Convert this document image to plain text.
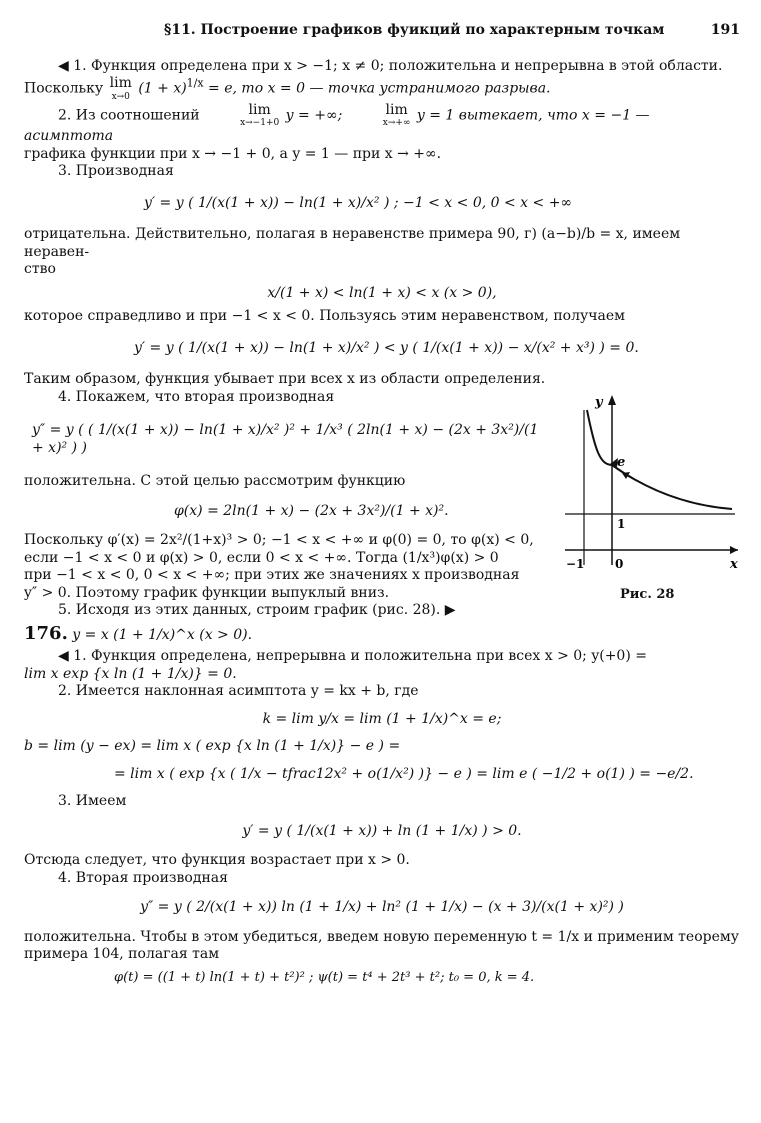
§11. Построение графиков фуикций по характерным точкам	191

◀ 1. Функция определена при x > −1; x ≠ 0; положительна и непрерывна в этой области.

Поскольку lim
x→0
$(1 + x)^{1/x} = e$, то x = 0 — точка устранимого разрыва.

2. Из соотношений	lim
x→−1+0
y = +∞;	lim
x→+∞
y = 1 вытекает, что x = −1 — асимптота

графика функции при x → −1 + 0, а y = 1 — при x → +∞.

3. Производная

y′ = y ( 1/(x(1 + x)) − ln(1 + x)/x² ) ; −1 < x < 0, 0 < x < +∞

отрицательна. Действительно, полагая в неравенстве примера 90, г) (a−b)/b = x, имеем неравен-

ство

x/(1 + x) < ln(1 + x) < x (x > 0),

которое справедливо и при −1 < x < 0. Пользуясь этим неравенством, получаем

y′ = y ( 1/(x(1 + x)) − ln(1 + x)/x² ) < y ( 1/(x(1 + x)) − x/(x² + x³) ) = 0.

Таким образом, функция убывает при всех x из области определения.

4. Покажем, что вторая производная

y″ = y ( ( 1/(x(1 + x)) − ln(1 + x)/x² )² + 1/x³ ( 2ln(1 + x) − (2x + 3x²)/(1 + x)² ) )

положительна. С этой целью рассмотрим функцию

φ(x) = 2ln(1 + x) − (2x + 3x²)/(1 + x)².

Поскольку φ′(x) = 2x²/(1+x)³ > 0; −1 < x < +∞ и φ(0) = 0, то φ(x) < 0,

если −1 < x < 0 и φ(x) > 0, если 0 < x < +∞. Тогда (1/x³)φ(x) > 0

при −1 < x < 0, 0 < x < +∞; при этих же значениях x производная

y″ > 0. Поэтому график функции выпуклый вниз.

5. Исходя из этих данных, строим график (рис. 28). ▶

176. y = x (1 + 1/x)^x (x > 0).

◀ 1. Функция определена, непрерывна и положительна при всех x > 0; y(+0) =

lim x exp {x ln (1 + 1/x)} = 0.

2. Имеется наклонная асимптота y = kx + b, где

k = lim y/x = lim (1 + 1/x)^x = e;

b = lim (y − ex) = lim x ( exp {x ln (1 + 1/x)} − e ) =

= lim x ( exp {x ( 1/x − tfrac12x² + o(1/x²) )} − e ) = lim e ( −1/2 + o(1) ) = −e/2.

3. Имеем

y′ = y ( 1/(x(1 + x)) + ln (1 + 1/x) ) > 0.

Отсюда следует, что функция возрастает при x > 0.

4. Вторая производная

y″ = y ( 2/(x(1 + x)) ln (1 + 1/x) + ln² (1 + 1/x) − (x + 3)/(x(1 + x)²) )

положительна. Чтобы в этом убедиться, введем новую переменную t = 1/x и применим теорему

примера 104, полагая там

φ(t) = ((1 + t) ln(1 + t) + t²)² ; ψ(t) = t⁴ + 2t³ + t²; t₀ = 0, k = 4.

y
x
e
1
0
−1
Рис. 28
